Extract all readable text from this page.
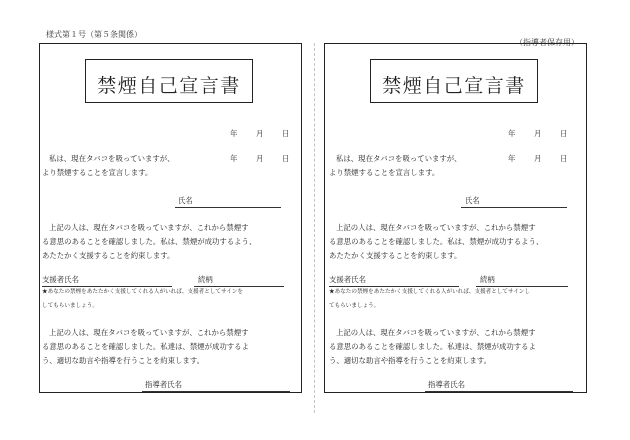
様式第１号（第５条関係）
（指導者保存用）
禁煙自己宣言書
年	月	日
私は、現在タバコを吸っていますが、	年	月	日
より禁煙することを宣言します。
氏名
上記の人は、現在タバコを吸っていますが、これから禁煙す
る意思のあることを確認しました。私は、禁煙が成功するよう、
あたたかく支援することを約束します。
支援者氏名	続柄
★あなたの禁煙をあたたかく支援してくれる人がいれば、支援者としてサインを
してもらいましょう。
上記の人は、現在タバコを吸っていますが、これから禁煙す
る意思のあることを確認しました。私達は、禁煙が成功するよ
う、適切な助言や指導を行うことを約束します。
指導者氏名
禁煙自己宣言書
年	月	日
私は、現在タバコを吸っていますが、	年	月	日
より禁煙することを宣言します。
氏名
上記の人は、現在タバコを吸っていますが、これから禁煙す
る意思のあることを確認しました。私は、禁煙が成功するよう、
あたたかく支援することを約束します。
支援者氏名	続柄
★あなたの禁煙をあたたかく支援してくれる人がいれば、支援者としてサインし
てもらいましょう。
上記の人は、現在タバコを吸っていますが、これから禁煙す
る意思のあることを確認しました。私達は、禁煙が成功するよ
う、適切な助言や指導を行うことを約束します。
指導者氏名
